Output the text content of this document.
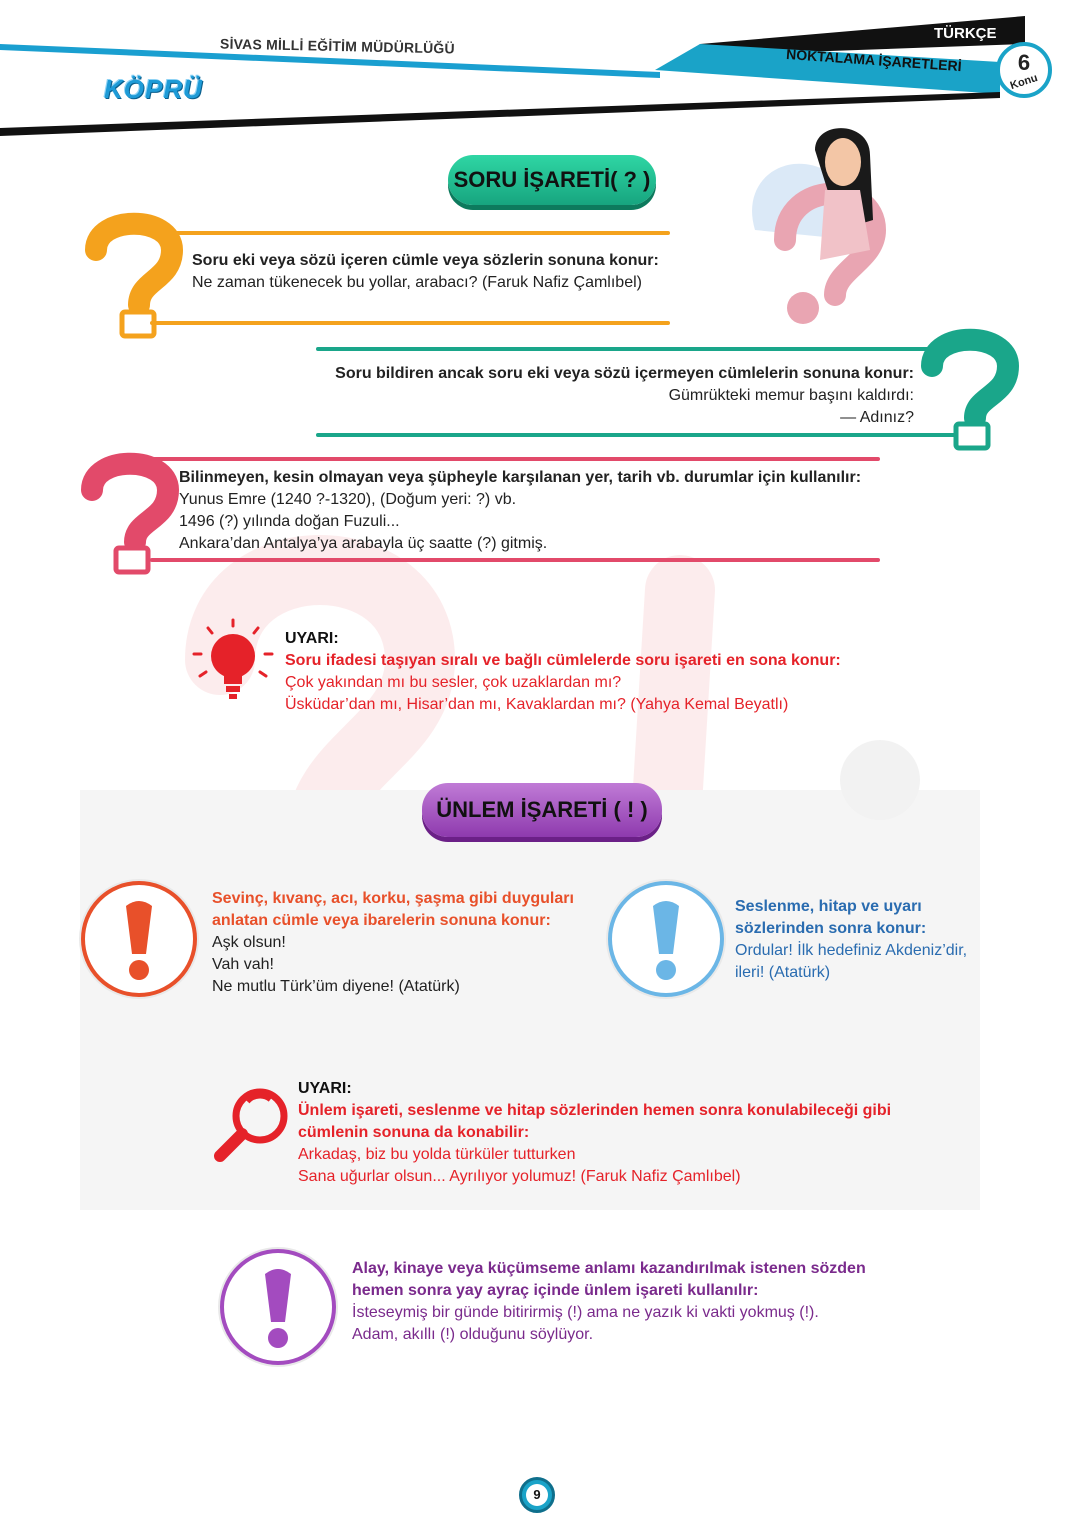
SİVAS MİLLİ EĞİTİM MÜDÜRLÜĞÜ
KÖPRÜ
TÜRKÇE
NOKTALAMA İŞARETLERİ	6
Konu
SORU İŞARETİ( ? )
Soru eki veya sözü içeren cümle veya sözlerin sonuna konur:
Ne zaman tükenecek bu yollar, arabacı? (Faruk Nafiz Çamlıbel)
Soru bildiren ancak soru eki veya sözü içermeyen cümlelerin sonuna konur:
Gümrükteki memur başını kaldırdı:
— Adınız?
Bilinmeyen, kesin olmayan veya şüpheyle karşılanan yer, tarih vb. durumlar için kullanılır:
Yunus Emre (1240 ?-1320), (Doğum yeri: ?) vb.
1496 (?) yılında doğan Fuzuli...
Ankara’dan Antalya’ya arabayla üç saatte (?) gitmiş.
UYARI:
Soru ifadesi taşıyan sıralı ve bağlı cümlelerde soru işareti en sona konur:
Çok yakından mı bu sesler, çok uzaklardan mı?
Üsküdar’dan mı, Hisar’dan mı, Kavaklardan mı? (Yahya Kemal Beyatlı)
ÜNLEM İŞARETİ ( ! )
Sevinç, kıvanç, acı, korku, şaşma gibi duyguları
anlatan cümle veya ibarelerin sonuna konur:
Aşk olsun!
Vah vah!
Ne mutlu Türk’üm diyene! (Atatürk)
Seslenme, hitap ve uyarı
sözlerinden sonra konur:
Ordular! İlk hedefiniz Akdeniz’dir,
ileri! (Atatürk)
UYARI:
Ünlem işareti, seslenme ve hitap sözlerinden hemen sonra konulabileceği gibi
cümlenin sonuna da konabilir:
Arkadaş, biz bu yolda türküler tutturken
Sana uğurlar olsun... Ayrılıyor yolumuz! (Faruk Nafiz Çamlıbel)
Alay, kinaye veya küçümseme anlamı kazandırılmak istenen sözden
hemen sonra yay ayraç içinde ünlem işareti kullanılır:
İsteseymiş bir günde bitirirmiş (!) ama ne yazık ki vakti yokmuş (!).
Adam, akıllı (!) olduğunu söylüyor.
9
